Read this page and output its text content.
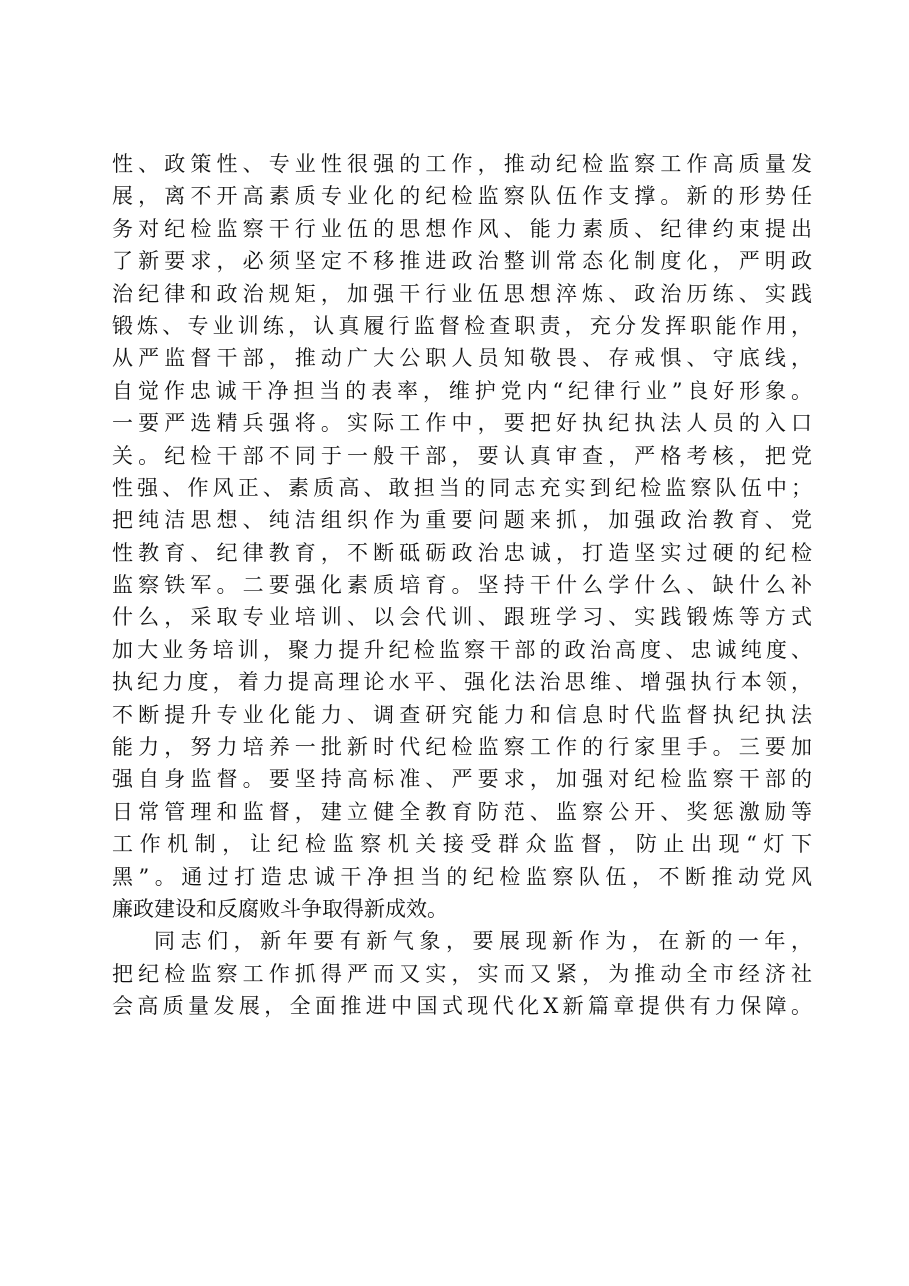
性、政策性、专业性很强的工作，推动纪检监察工作高质量发
展，离不开高素质专业化的纪检监察队伍作支撑。新的形势任
务对纪检监察干行业伍的思想作风、能力素质、纪律约束提出
了新要求，必须坚定不移推进政治整训常态化制度化，严明政
治纪律和政治规矩，加强干行业伍思想淬炼、政治历练、实践
锻炼、专业训练，认真履行监督检查职责，充分发挥职能作用，
从严监督干部，推动广大公职人员知敬畏、存戒惧、守底线，
自觉作忠诚干净担当的表率，维护党内“纪律行业”良好形象。
一要严选精兵强将。实际工作中，要把好执纪执法人员的入口
关。纪检干部不同于一般干部，要认真审查，严格考核，把党
性强、作风正、素质高、敢担当的同志充实到纪检监察队伍中；
把纯洁思想、纯洁组织作为重要问题来抓，加强政治教育、党
性教育、纪律教育，不断砥砺政治忠诚，打造坚实过硬的纪检
监察铁军。二要强化素质培育。坚持干什么学什么、缺什么补
什么，采取专业培训、以会代训、跟班学习、实践锻炼等方式
加大业务培训，聚力提升纪检监察干部的政治高度、忠诚纯度、
执纪力度，着力提高理论水平、强化法治思维、增强执行本领，
不断提升专业化能力、调查研究能力和信息时代监督执纪执法
能力，努力培养一批新时代纪检监察工作的行家里手。三要加
强自身监督。要坚持高标准、严要求，加强对纪检监察干部的
日常管理和监督，建立健全教育防范、监察公开、奖惩激励等
工作机制，让纪检监察机关接受群众监督，防止出现“灯下
黑”。通过打造忠诚干净担当的纪检监察队伍，不断推动党风
廉政建设和反腐败斗争取得新成效。
同志们，新年要有新气象，要展现新作为，在新的一年，
把纪检监察工作抓得严而又实，实而又紧，为推动全市经济社
会高质量发展，全面推进中国式现代化X新篇章提供有力保障。
